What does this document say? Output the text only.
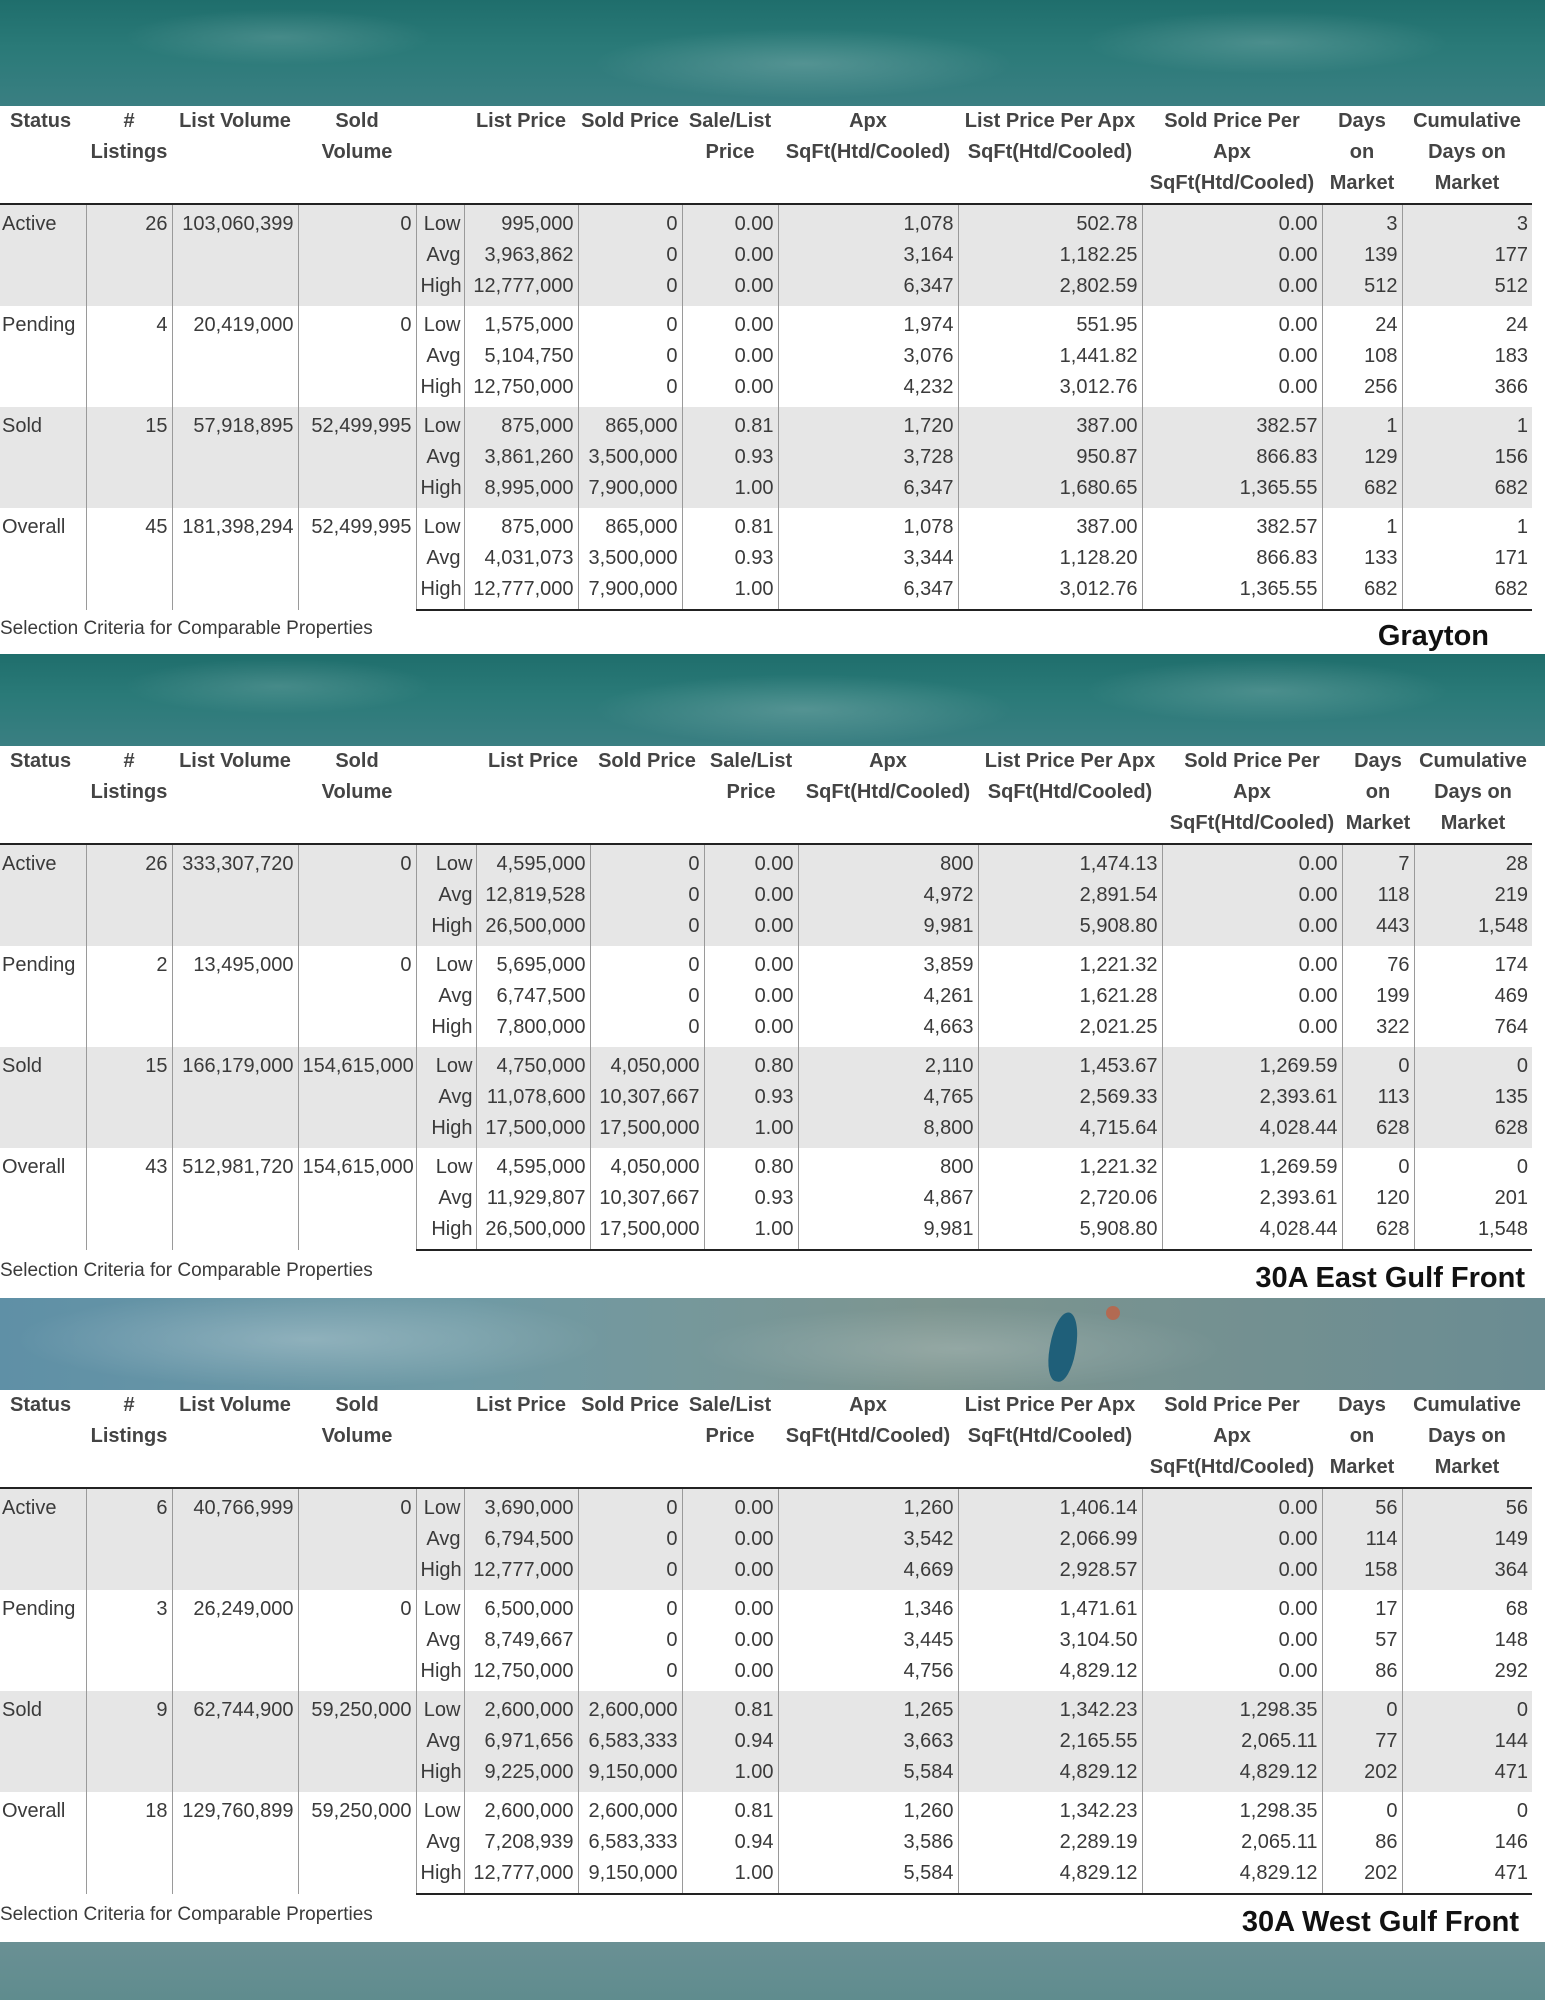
Status	# Listings	List Volume	Sold Volume		List Price	Sold Price	Sale/List Price	Apx SqFt(Htd/Cooled)	List Price Per Apx SqFt(Htd/Cooled)	Sold Price Per Apx SqFt(Htd/Cooled)	Days on Market	Cumulative Days on Market
Active	26	103,060,399	0	Low	995,000	0	0.00	1,078	502.78	0.00	3	3
				Avg	3,963,862	0	0.00	3,164	1,182.25	0.00	139	177
				High	12,777,000	0	0.00	6,347	2,802.59	0.00	512	512
Pending	4	20,419,000	0	Low	1,575,000	0	0.00	1,974	551.95	0.00	24	24
				Avg	5,104,750	0	0.00	3,076	1,441.82	0.00	108	183
				High	12,750,000	0	0.00	4,232	3,012.76	0.00	256	366
Sold	15	57,918,895	52,499,995	Low	875,000	865,000	0.81	1,720	387.00	382.57	1	1
				Avg	3,861,260	3,500,000	0.93	3,728	950.87	866.83	129	156
				High	8,995,000	7,900,000	1.00	6,347	1,680.65	1,365.55	682	682
Overall	45	181,398,294	52,499,995	Low	875,000	865,000	0.81	1,078	387.00	382.57	1	1
				Avg	4,031,073	3,500,000	0.93	3,344	1,128.20	866.83	133	171
				High	12,777,000	7,900,000	1.00	6,347	3,012.76	1,365.55	682	682
Selection Criteria for Comparable Properties	Grayton
Status	# Listings	List Volume	Sold Volume		List Price	Sold Price	Sale/List Price	Apx SqFt(Htd/Cooled)	List Price Per Apx SqFt(Htd/Cooled)	Sold Price Per Apx SqFt(Htd/Cooled)	Days on Market	Cumulative Days on Market
Active	26	333,307,720	0	Low	4,595,000	0	0.00	800	1,474.13	0.00	7	28
				Avg	12,819,528	0	0.00	4,972	2,891.54	0.00	118	219
				High	26,500,000	0	0.00	9,981	5,908.80	0.00	443	1,548
Pending	2	13,495,000	0	Low	5,695,000	0	0.00	3,859	1,221.32	0.00	76	174
				Avg	6,747,500	0	0.00	4,261	1,621.28	0.00	199	469
				High	7,800,000	0	0.00	4,663	2,021.25	0.00	322	764
Sold	15	166,179,000	154,615,000	Low	4,750,000	4,050,000	0.80	2,110	1,453.67	1,269.59	0	0
				Avg	11,078,600	10,307,667	0.93	4,765	2,569.33	2,393.61	113	135
				High	17,500,000	17,500,000	1.00	8,800	4,715.64	4,028.44	628	628
Overall	43	512,981,720	154,615,000	Low	4,595,000	4,050,000	0.80	800	1,221.32	1,269.59	0	0
				Avg	11,929,807	10,307,667	0.93	4,867	2,720.06	2,393.61	120	201
				High	26,500,000	17,500,000	1.00	9,981	5,908.80	4,028.44	628	1,548
Selection Criteria for Comparable Properties	30A East Gulf Front
Status	# Listings	List Volume	Sold Volume		List Price	Sold Price	Sale/List Price	Apx SqFt(Htd/Cooled)	List Price Per Apx SqFt(Htd/Cooled)	Sold Price Per Apx SqFt(Htd/Cooled)	Days on Market	Cumulative Days on Market
Active	6	40,766,999	0	Low	3,690,000	0	0.00	1,260	1,406.14	0.00	56	56
				Avg	6,794,500	0	0.00	3,542	2,066.99	0.00	114	149
				High	12,777,000	0	0.00	4,669	2,928.57	0.00	158	364
Pending	3	26,249,000	0	Low	6,500,000	0	0.00	1,346	1,471.61	0.00	17	68
				Avg	8,749,667	0	0.00	3,445	3,104.50	0.00	57	148
				High	12,750,000	0	0.00	4,756	4,829.12	0.00	86	292
Sold	9	62,744,900	59,250,000	Low	2,600,000	2,600,000	0.81	1,265	1,342.23	1,298.35	0	0
				Avg	6,971,656	6,583,333	0.94	3,663	2,165.55	2,065.11	77	144
				High	9,225,000	9,150,000	1.00	5,584	4,829.12	4,829.12	202	471
Overall	18	129,760,899	59,250,000	Low	2,600,000	2,600,000	0.81	1,260	1,342.23	1,298.35	0	0
				Avg	7,208,939	6,583,333	0.94	3,586	2,289.19	2,065.11	86	146
				High	12,777,000	9,150,000	1.00	5,584	4,829.12	4,829.12	202	471
Selection Criteria for Comparable Properties	30A West Gulf Front
